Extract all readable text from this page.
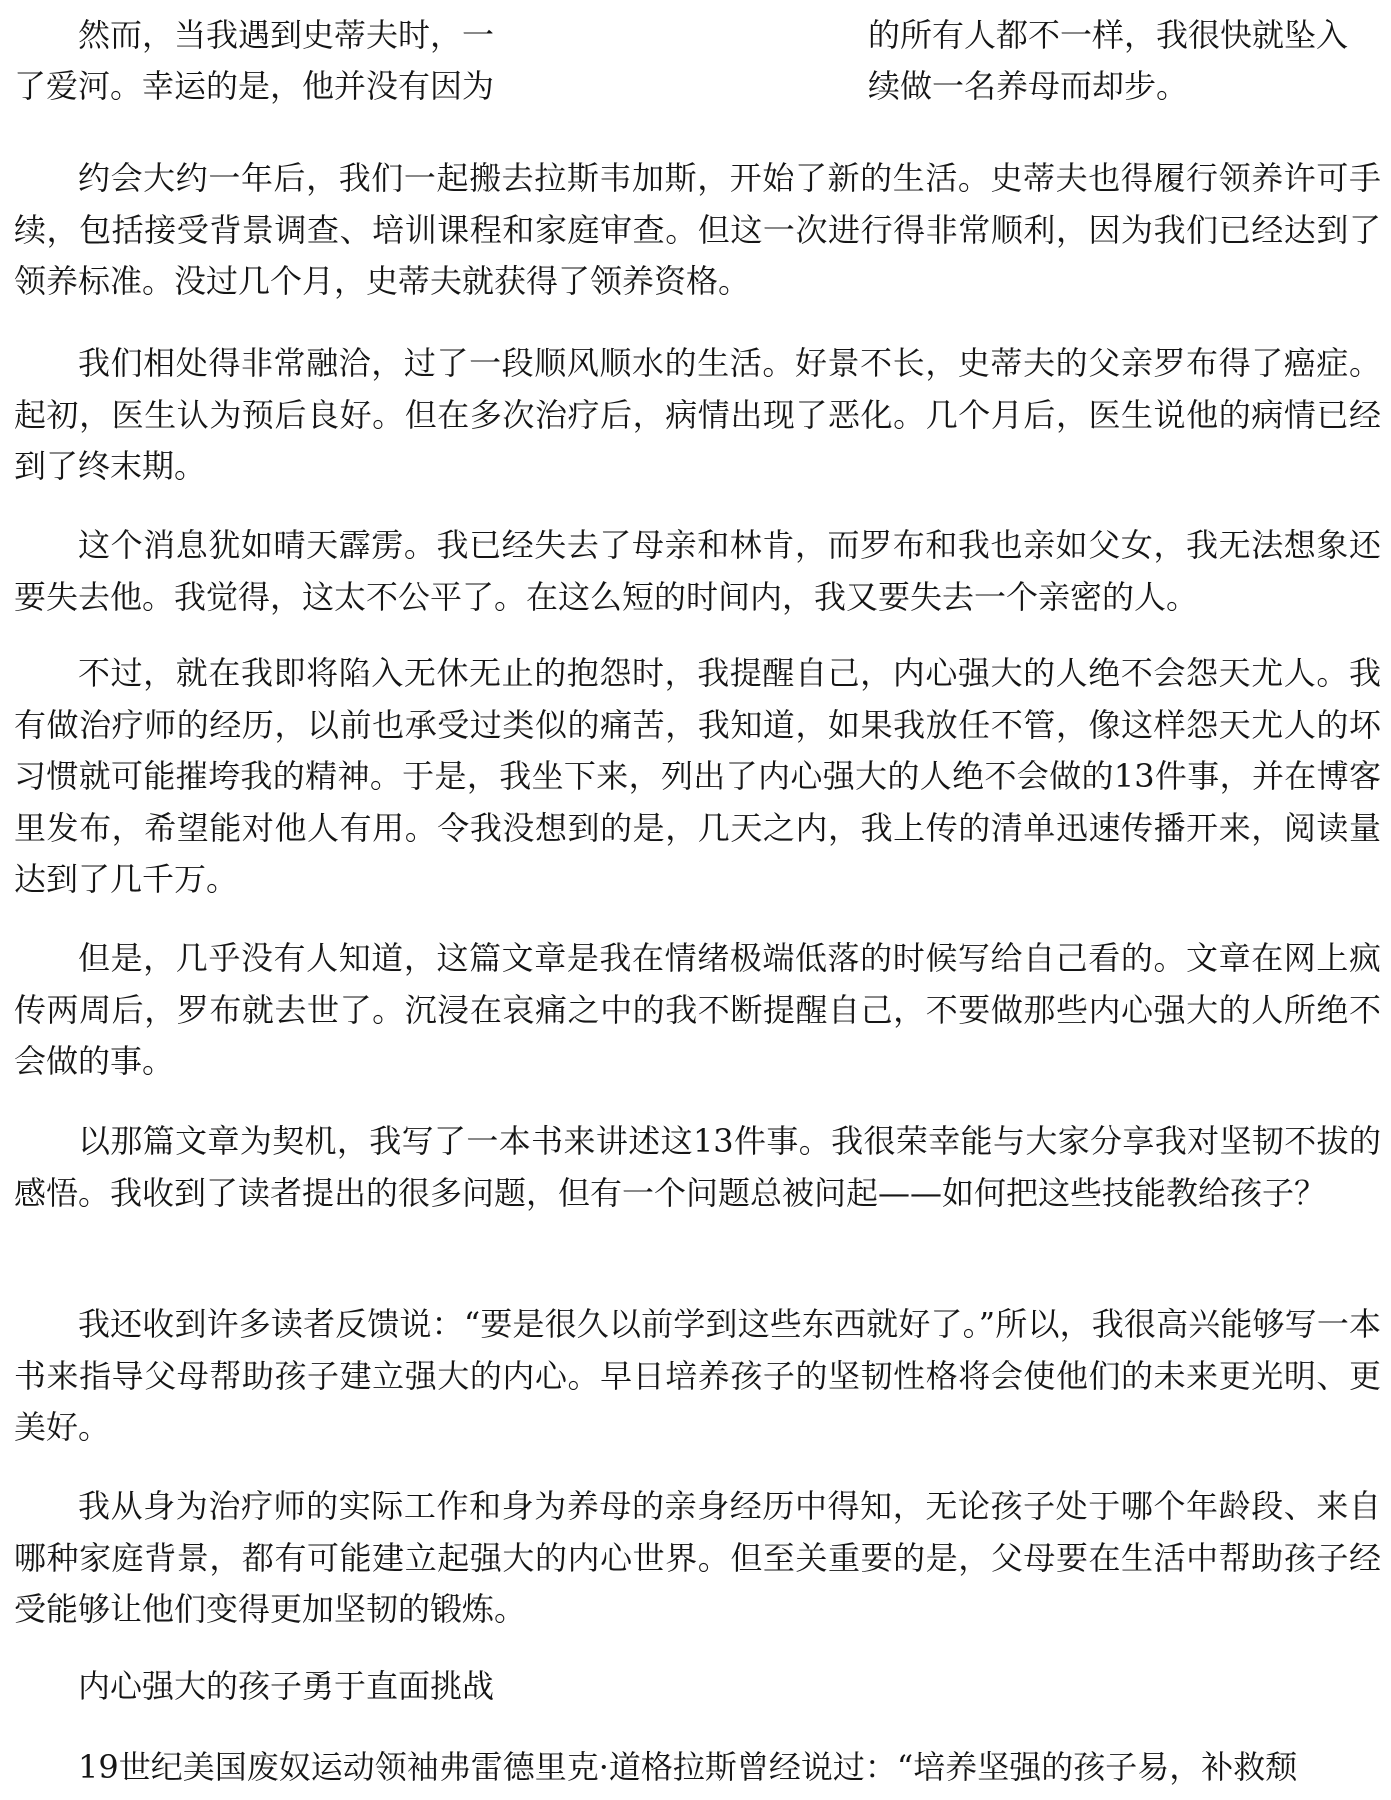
　　然而，当我遇到史蒂夫时，一
了爱河。幸运的是，他并没有因为
的所有人都不一样，我很快就坠入
续做一名养母而却步。

约会大约一年后，我们一起搬去拉斯韦加斯，开始了新的生活。史蒂夫也得履行领养许可手续，包括接受背景调查、培训课程和家庭审查。但这一次进行得非常顺利，因为我们已经达到了领养标准。没过几个月，史蒂夫就获得了领养资格。

我们相处得非常融洽，过了一段顺风顺水的生活。好景不长，史蒂夫的父亲罗布得了癌症。起初，医生认为预后良好。但在多次治疗后，病情出现了恶化。几个月后，医生说他的病情已经到了终末期。

这个消息犹如晴天霹雳。我已经失去了母亲和林肯，而罗布和我也亲如父女，我无法想象还要失去他。我觉得，这太不公平了。在这么短的时间内，我又要失去一个亲密的人。

不过，就在我即将陷入无休无止的抱怨时，我提醒自己，内心强大的人绝不会怨天尤人。我有做治疗师的经历，以前也承受过类似的痛苦，我知道，如果我放任不管，像这样怨天尤人的坏习惯就可能摧垮我的精神。于是，我坐下来，列出了内心强大的人绝不会做的13件事，并在博客里发布，希望能对他人有用。令我没想到的是，几天之内，我上传的清单迅速传播开来，阅读量达到了几千万。

但是，几乎没有人知道，这篇文章是我在情绪极端低落的时候写给自己看的。文章在网上疯传两周后，罗布就去世了。沉浸在哀痛之中的我不断提醒自己，不要做那些内心强大的人所绝不会做的事。

以那篇文章为契机，我写了一本书来讲述这13件事。我很荣幸能与大家分享我对坚韧不拔的感悟。我收到了读者提出的很多问题，但有一个问题总被问起——如何把这些技能教给孩子？

我还收到许多读者反馈说：“要是很久以前学到这些东西就好了。”所以，我很高兴能够写一本书来指导父母帮助孩子建立强大的内心。早日培养孩子的坚韧性格将会使他们的未来更光明、更美好。

我从身为治疗师的实际工作和身为养母的亲身经历中得知，无论孩子处于哪个年龄段、来自哪种家庭背景，都有可能建立起强大的内心世界。但至关重要的是，父母要在生活中帮助孩子经受能够让他们变得更加坚韧的锻炼。

内心强大的孩子勇于直面挑战

19世纪美国废奴运动领袖弗雷德里克·道格拉斯曾经说过：“培养坚强的孩子易，补救颓
